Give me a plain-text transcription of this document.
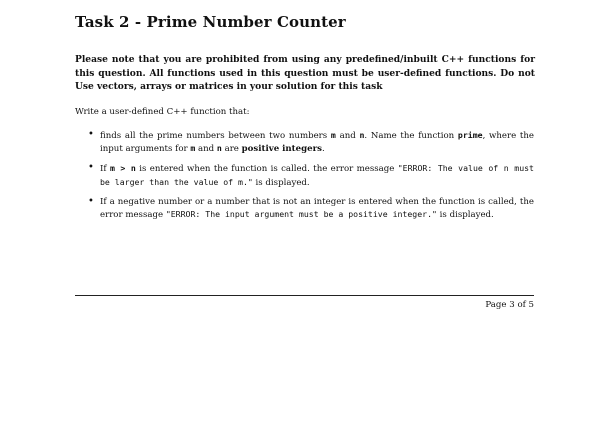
Task 2 - Prime Number Counter
Please note that you are prohibited from using any predefined/inbuilt C++ functions for this question. All functions used in this question must be user-defined functions. Do not Use vectors, arrays or matrices in your solution for this task
Write a user-defined C++ function that:
• finds all the prime numbers between two numbers m and n. Name the function prime, where the input arguments for m and n are positive integers.
• If m > n is entered when the function is called. the error message "ERROR: The value of n must be larger than the value of m." is displayed.
• If a negative number or a number that is not an integer is entered when the function is called, the error message "ERROR: The input argument must be a positive integer." is displayed.
Page 3 of 5
